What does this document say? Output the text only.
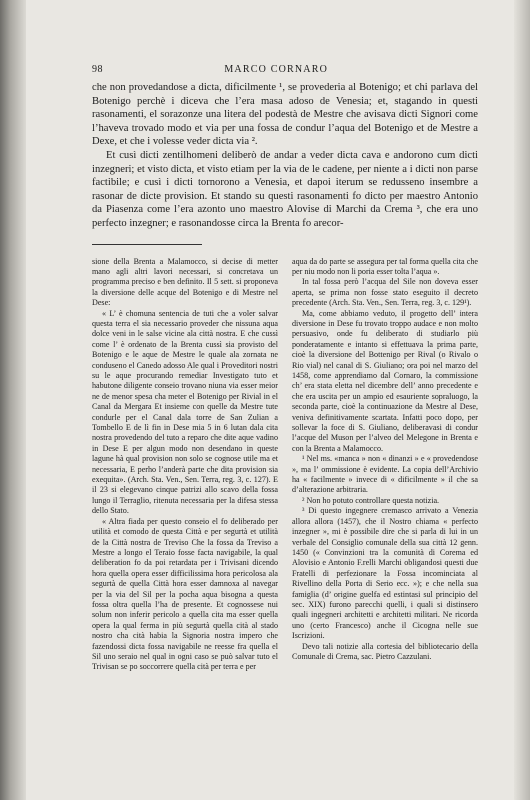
98	MARCO CORNARO

che non provedandose a dicta, dificilmente ¹, se provederia al Botenigo; et chi parlava del Botenigo perchè i diceva che l’era masa adoso de Venesia; et, stagando in questi rasonamenti, el sorazonze una litera del podestà de Mestre che avisava dicti Signori come l’haveva trovado modo et via per una fossa de condur l’aqua del Botenigo et de Mestre a Dexe, et che i volesse veder dicta via ².

Et cusì dicti zentilhomeni deliberò de andar a veder dicta cava e andorono cum dicti inzegneri; et visto dicta, et visto etiam per la via de le cadene, per niente a i dicti non parse factibile; e cusì i dicti tornorono a Venesia, et dapoi iterum se redusseno insembre a rasonar de dicte provision. Et stando su questi rasonamenti fo dicto per maestro Antonio da Piasenza come l’era azonto uno maestro Alovise di Marchi da Crema ³, che era uno perfecto inzegner; e rasonandosse circa la Brenta fo arecor-

sione della Brenta a Malamocco, si decise di metter mano agli altri lavori necessari, si concretava un programma preciso e ben definito. Il 5 sett. si proponeva la diversione delle acque del Botenigo e di Mestre nel Dese:

« L’ è chomuna sentencia de tuti che a voler salvar questa terra el sia necessario proveder che nissuna aqua dolce veni in le salse vicine ala città nostra. E che cussì come l’ è ordenato de la Brenta cussì sia provisto del Botenigo e le aque de Mestre le quale ala zornata ne conduseno el Canedo adosso Ale qual i Proveditori nostri su le aque procurando remediar Investigato tuto et habutone diligente conseio trovano niuna via esser meior ne de menor spesa cha meter el Botenigo per Rivial in el Canal da Mergara Et insieme con quelle da Mestre tute condurle per el Canal dala torre de San Zulian a Tombello E de lì fin in Dese mia 5 in 6 lutan dala cita nostra provedendo del tuto a reparo che dite aque vadino in Dese E per algun modo non desendano in queste lagune hà qual provision non solo se cognose utile ma et necessaria, E perho l’anderà parte che dita provision sia exequita». (Arch. Sta. Ven., Sen. Terra, reg. 3, c. 127). E il 23 si elegevano cinque patrizi allo scavo della fossa lungo il Terraglio, ritenuta necessaria per la difesa stessa dello Stato.

« Altra fiada per questo conseio el fo deliberado per utilità et comodo de questa Città e per segurtà et utilità de la Città nostra de Treviso Che la fossa da Treviso a Mestre a longo el Teraio fosse facta navigabile, la qual deliberation fo da poi retardata per i Trivisani dicendo hora quella opera esser difficilissima hora pericolosa ala segurtà de quella Città hora esser damnoxa al navegar per la via del Sil per la pocha aqua bisogna a questa fossa oltra quella l’ha de presente. Et cognossese nui solum non inferir pericolo a quella cita ma esser quella opera la qual ferma in più segurtà quella cità al stado nostro cha cità habia la Signoria nostra impero che fazendossi dicta fossa navigabile ne reesse fra quella el Sil uno seraio nel qual in ogni caso se può salvar tuto el Trivisan se po soccorrere quella cità per terra e per

aqua da do parte se assegura per tal forma quella cita che per niu modo non li poria esser tolta l’aqua ».

In tal fossa però l’acqua del Sile non doveva esser aperta, se prima non fosse stato eseguito il decreto precedente (Arch. Sta. Ven., Sen. Terra, reg. 3, c. 129¹).

Ma, come abbiamo veduto, il progetto dell’ intera diversione in Dese fu trovato troppo audace e non molto persuasivo, onde fu deliberato di studiarlo più ponderatamente e intanto si effettuava la prima parte, cioè la diversione del Bottenigo per Rival (o Rivalo o Rio vial) nel canal di S. Giuliano; ora poi nel marzo del 1458, come apprendiamo dal Cornaro, la commissione ch’ era stata eletta nel dicembre dell’ anno precedente e che era uscita per un ampio ed esauriente sopraluogo, la seconda parte, cioè la continuazione da Mestre al Dese, veniva definitivamente scartata. Infatti poco dopo, per sollevar la foce di S. Giuliano, deliberavasi di condur l’acque del Muson per l’alveo del Melegone in Brenta e con la Brenta a Malamocco.

¹ Nel ms. «manca » non « dinanzi » e « provedendose », ma l’ ommissione è evidente. La copia dell’Archivio ha « facilmente » invece di « dificilmente » il che sa d’alterazione arbitraria.

² Non ho potuto controllare questa notizia.

³ Di questo ingegnere cremasco arrivato a Venezia allora allora (1457), che il Nostro chiama « perfecto inzegner », mi è possibile dire che si parla di lui in un verbale del Consiglio comunale della sua città 12 genn. 1450 (« Convinzioni tra la comunità di Corema ed Alovisio e Antonio F.relli Marchi obligandosi questi due Fratelli di perfezionare la Fossa incominciata al Rivellino della Porta di Serio ecc. »); e che nella sua famiglia (d’ origine guelfa ed estintasi sul principio del sec. XIX) furono parecchi quelli, i quali si distinsero quali ingegneri architetti e architetti militari. Ne ricorda uno (certo Francesco) anche il Cicogna nelle sue Iscrizioni.

Devo tali notizie alla cortesia del bibliotecario della Comunale di Crema, sac. Pietro Cazzulani.
